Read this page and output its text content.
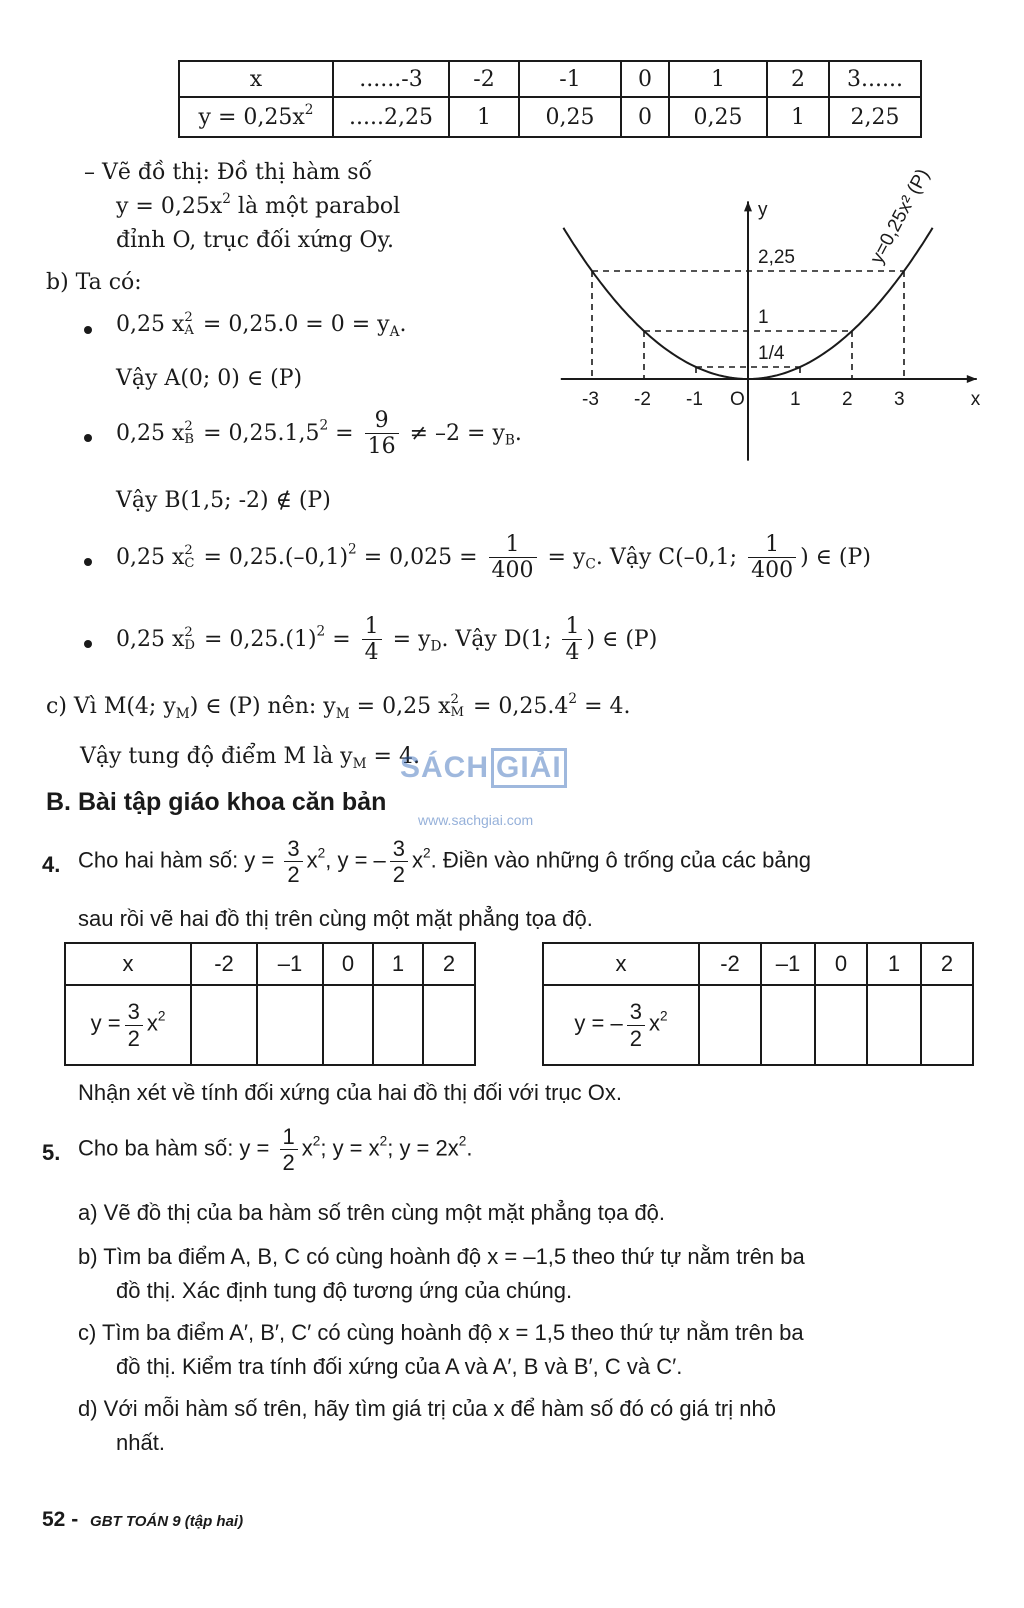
x	......-3	-2	-1	0	1	2	3......
$y = 0,25x^2$	.....2,25	1	0,25	0	0,25	1	2,25
– Vẽ đồ thị: Đồ thị hàm số
$y = 0,25x^2$ là một parabol
đỉnh O, trục đối xứng Oy.
x
y
-3 -2 -1 O 1 2 3
2,25
1
1/4
y=0,25x² (P)
b) Ta có:
0,25 x 2
$A = 0,25.0 = 0 = y_A$.
Vậy A(0; 0) ∈ (P)
0,25 x 2
$B = 0,25.1,5^2 = \frac{9}{16} \ne -2 = y_B$.
Vậy B(1,5; -2) ∉ (P)
0,25 x 2
$C = 0,25.(-0,1)^2 = 0,025 = \frac{1}{400} = y_C$. Vậy C(–0,1; $\frac{1}{400}$ ) ∈ (P)
0,25 x 2
$D = 0,25.(1)^2 = \frac{1}{4} = y_D$. Vậy D(1; $\frac{1}{4}$ ) ∈ (P)
c) Vì M(4; $y_M$) ∈ (P) nên: $y_M = 0,25$ x 2
$M = 0,25.4^2 = 4$.
Vậy tung độ điểm M là $y_M = 4$.
SÁCH GIẢI
www.sachgiai.com
B. Bài tập giáo khoa căn bản
4. Cho hai hàm số: $y = \frac{3}{2} x^2$, y = – $\frac{3}{2} x^2$. Điền vào những ô trống của các bảng
sau rồi vẽ hai đồ thị trên cùng một mặt phẳng tọa độ.
x	-2	–1	0	1	2
$y = \frac{3}{2} x^2$					
x	-2	–1	0	1	2
y = – $\frac{3}{2} x^2$					
Nhận xét về tính đối xứng của hai đồ thị đối với trục Ox.
5. Cho ba hàm số: $y = \frac{1}{2} x^2$; $y = x^2$; $y = 2x^2$.
a) Vẽ đồ thị của ba hàm số trên cùng một mặt phẳng tọa độ.
b) Tìm ba điểm A, B, C có cùng hoành độ x = –1,5 theo thứ tự nằm trên ba
đồ thị. Xác định tung độ tương ứng của chúng.
c) Tìm ba điểm A′, B′, C′ có cùng hoành độ x = 1,5 theo thứ tự nằm trên ba
đồ thị. Kiểm tra tính đối xứng của A và A′, B và B′, C và C′.
d) Với mỗi hàm số trên, hãy tìm giá trị của x để hàm số đó có giá trị nhỏ
nhất.
52 - GBT TOÁN 9 (tập hai)
